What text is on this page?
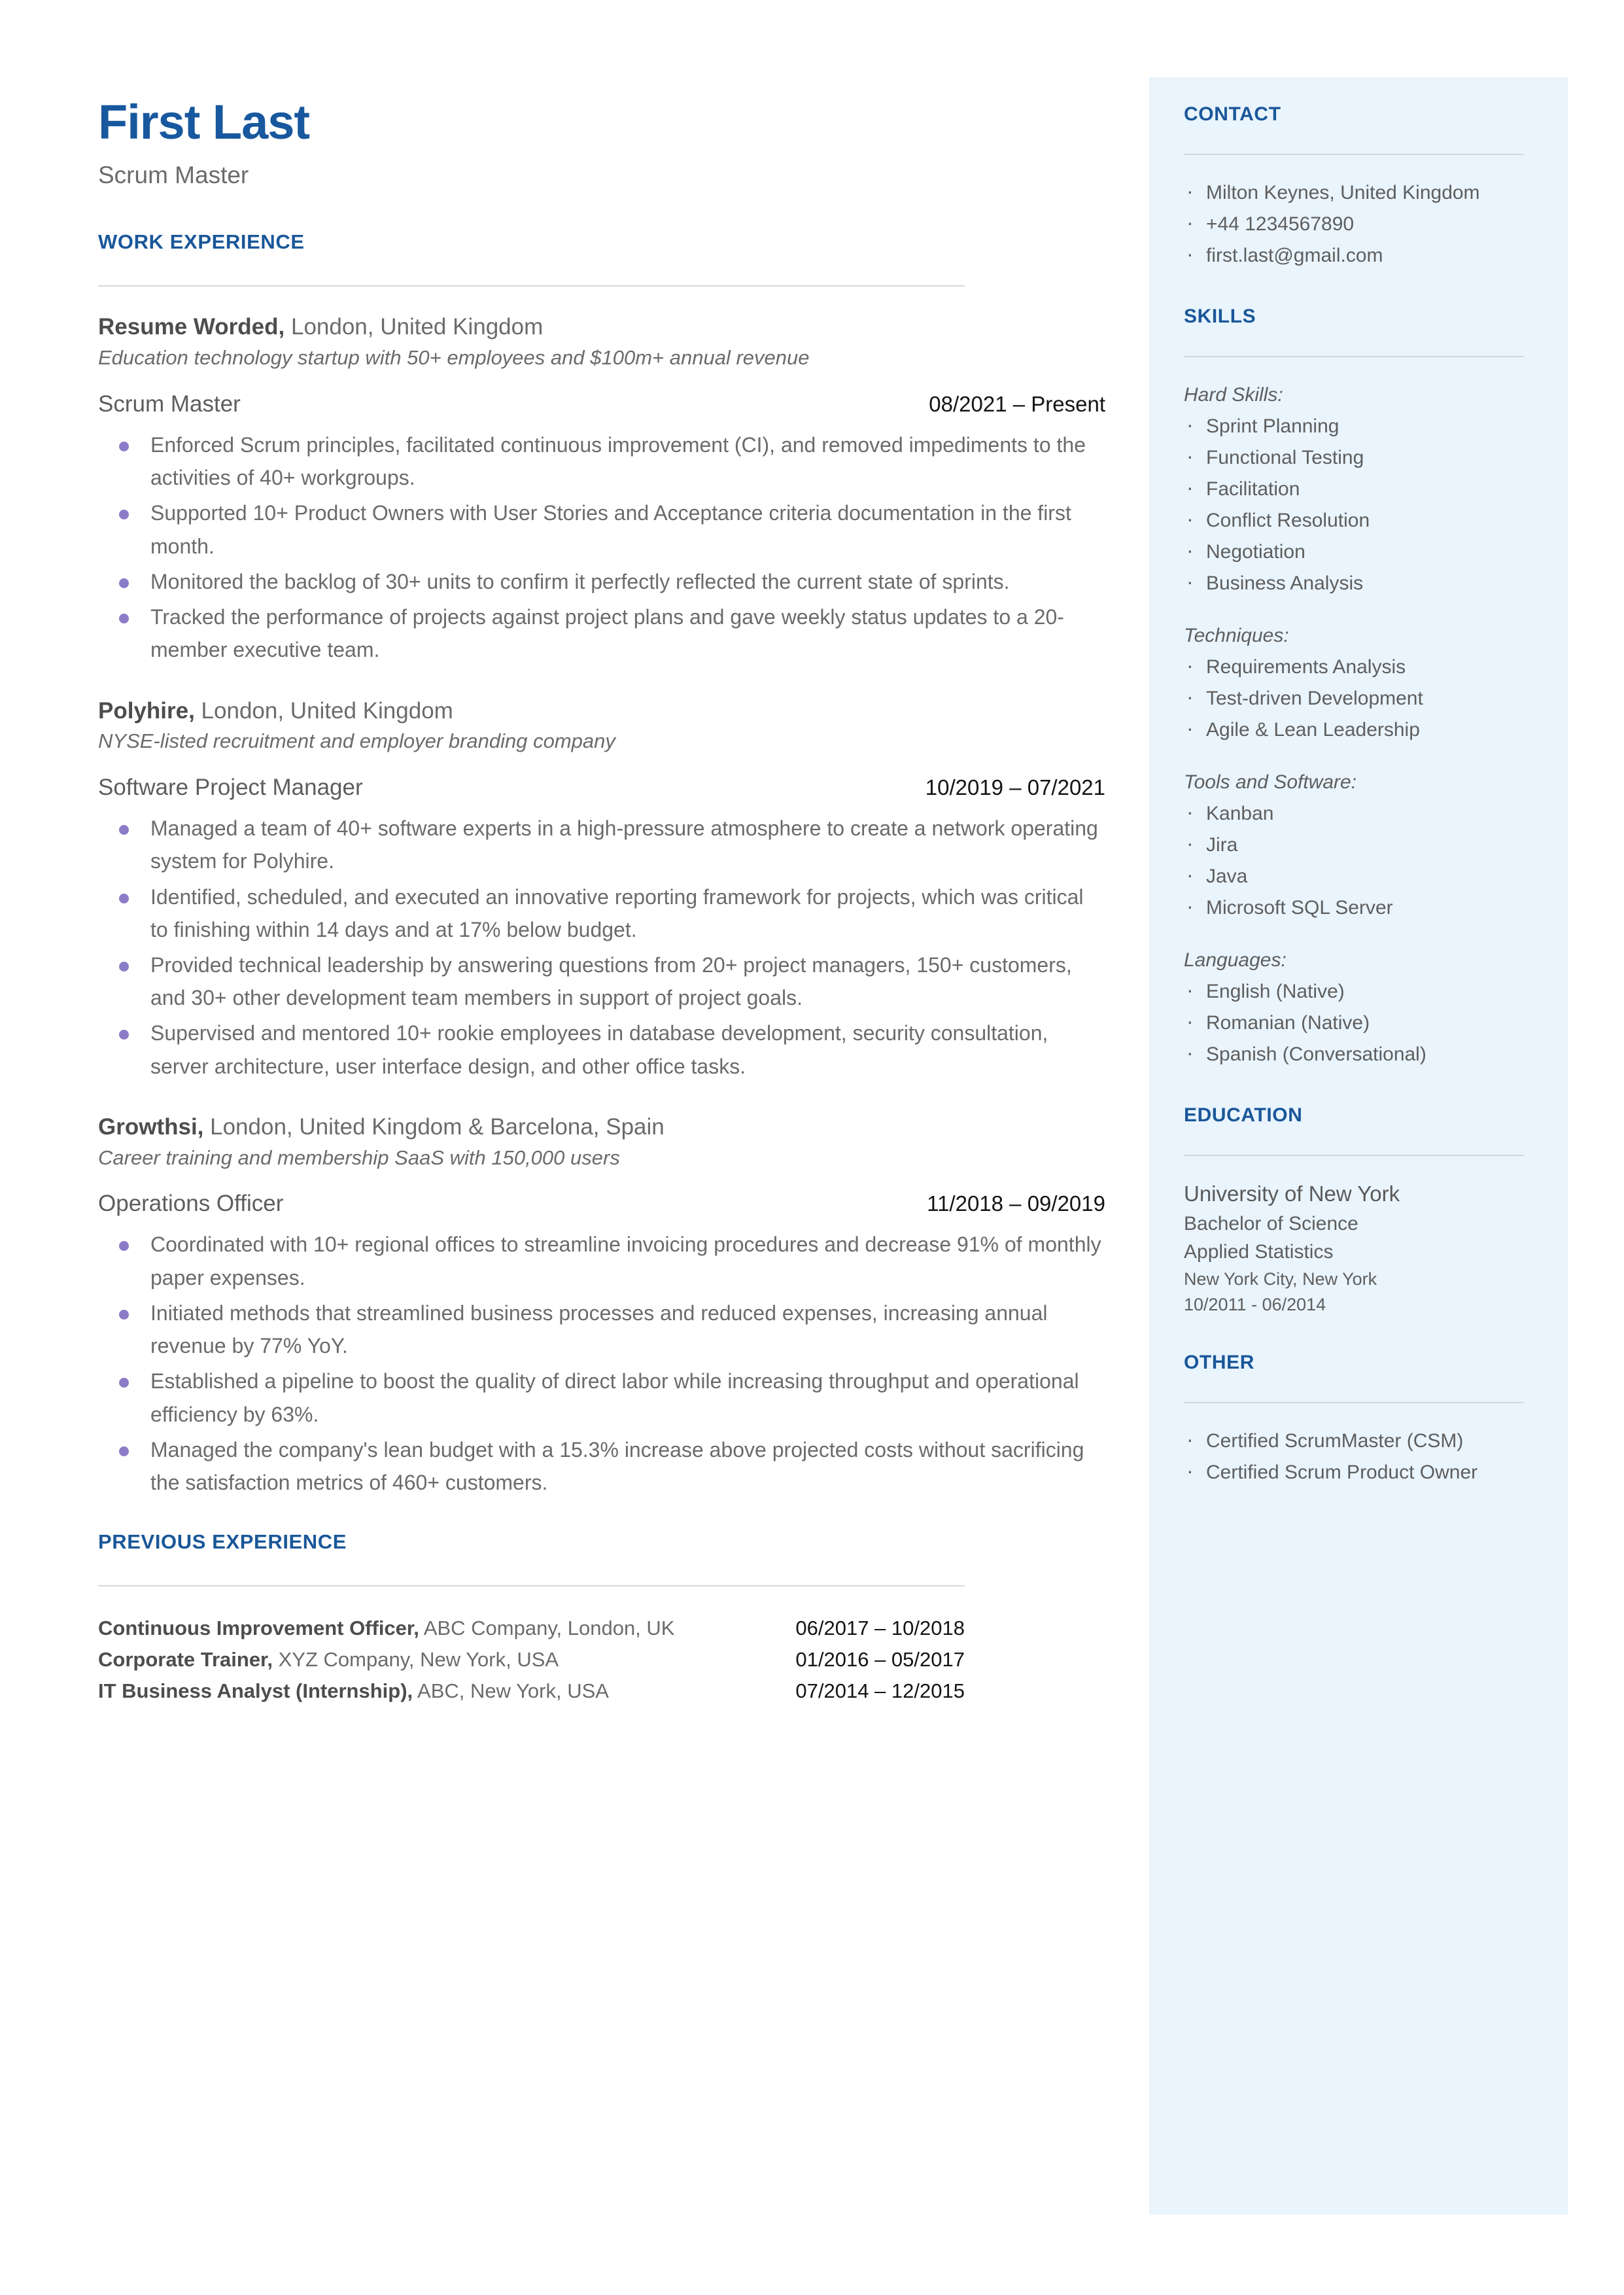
First Last
Scrum Master
WORK EXPERIENCE
Resume Worded, London, United Kingdom
Education technology startup with 50+ employees and $100m+ annual revenue
Scrum Master	08/2021 – Present
Enforced Scrum principles, facilitated continuous improvement (CI), and removed impediments to the activities of 40+ workgroups.
Supported 10+ Product Owners with User Stories and Acceptance criteria documentation in the first month.
Monitored the backlog of 30+ units to confirm it perfectly reflected the current state of sprints.
Tracked the performance of projects against project plans and gave weekly status updates to a 20-member executive team.
Polyhire, London, United Kingdom
NYSE-listed recruitment and employer branding company
Software Project Manager	10/2019 – 07/2021
Managed a team of 40+ software experts in a high-pressure atmosphere to create a network operating system for Polyhire.
Identified, scheduled, and executed an innovative reporting framework for projects, which was critical to finishing within 14 days and at 17% below budget.
Provided technical leadership by answering questions from 20+ project managers, 150+ customers, and 30+ other development team members in support of project goals.
Supervised and mentored 10+ rookie employees in database development, security consultation, server architecture, user interface design, and other office tasks.
Growthsi, London, United Kingdom & Barcelona, Spain
Career training and membership SaaS with 150,000 users
Operations Officer	11/2018 – 09/2019
Coordinated with 10+ regional offices to streamline invoicing procedures and decrease 91% of monthly paper expenses.
Initiated methods that streamlined business processes and reduced expenses, increasing annual revenue by 77% YoY.
Established a pipeline to boost the quality of direct labor while increasing throughput and operational efficiency by 63%.
Managed the company's lean budget with a 15.3% increase above projected costs without sacrificing the satisfaction metrics of 460+ customers.
PREVIOUS EXPERIENCE
Continuous Improvement Officer, ABC Company, London, UK	06/2017 – 10/2018
Corporate Trainer, XYZ Company, New York, USA	01/2016 – 05/2017
IT Business Analyst (Internship), ABC, New York, USA	07/2014 – 12/2015
CONTACT
· Milton Keynes, United Kingdom
· +44 1234567890
· first.last@gmail.com
SKILLS
Hard Skills:
· Sprint Planning
· Functional Testing
· Facilitation
· Conflict Resolution
· Negotiation
· Business Analysis
Techniques:
· Requirements Analysis
· Test-driven Development
· Agile & Lean Leadership
Tools and Software:
· Kanban
· Jira
· Java
· Microsoft SQL Server
Languages:
· English (Native)
· Romanian (Native)
· Spanish (Conversational)
EDUCATION
University of New York
Bachelor of Science
Applied Statistics
New York City, New York
10/2011 - 06/2014
OTHER
· Certified ScrumMaster (CSM)
· Certified Scrum Product Owner
